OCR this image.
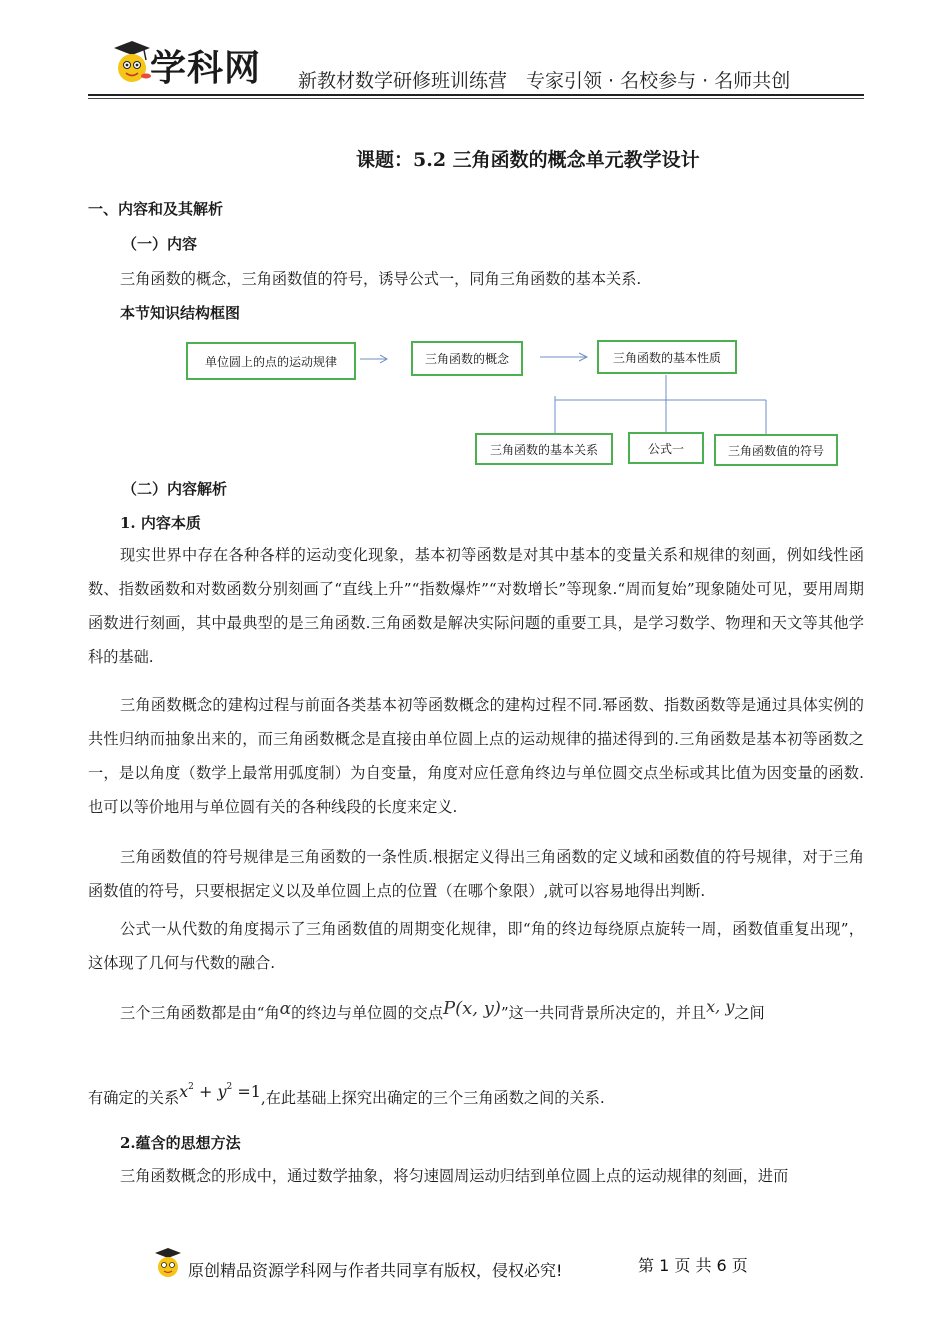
学科网 新教材数学研修班训练营　专家引领 · 名校参与 · 名师共创
课题：5.2 三角函数的概念单元教学设计
一、内容和及其解析
（一）内容
三角函数的概念，三角函数值的符号，诱导公式一，同角三角函数的基本关系.
本节知识结构框图
单位圆上的点的运动规律	三角函数的概念	三角函数的基本性质
三角函数的基本关系	公式一	三角函数值的符号
（二）内容解析
1. 内容本质
现实世界中存在各种各样的运动变化现象，基本初等函数是对其中基本的变量关系和规律的刻画，例如线性函数、指数函数和对数函数分别刻画了“直线上升”“指数爆炸”“对数增长”等现象.“周而复始”现象随处可见，要用周期函数进行刻画，其中最典型的是三角函数.三角函数是解决实际问题的重要工具，是学习数学、物理和天文等其他学科的基础.
三角函数概念的建构过程与前面各类基本初等函数概念的建构过程不同.幂函数、指数函数等是通过具体实例的共性归纳而抽象出来的，而三角函数概念是直接由单位圆上点的运动规律的描述得到的.三角函数是基本初等函数之一，是以角度（数学上最常用弧度制）为自变量，角度对应任意角终边与单位圆交点坐标或其比值为因变量的函数.也可以等价地用与单位圆有关的各种线段的长度来定义.
三角函数值的符号规律是三角函数的一条性质.根据定义得出三角函数的定义域和函数值的符号规律，对于三角函数值的符号，只要根据定义以及单位圆上点的位置（在哪个象限）,就可以容易地得出判断.
公式一从代数的角度揭示了三角函数值的周期变化规律，即“角的终边每绕原点旋转一周，函数值重复出现”，这体现了几何与代数的融合.
三个三角函数都是由“角α的终边与单位圆的交点P(x, y)”这一共同背景所决定的，并且x, y之间
有确定的关系$x^2 + y^2 =1$,在此基础上探究出确定的三个三角函数之间的关系.
2.蕴含的思想方法
三角函数概念的形成中，通过数学抽象，将匀速圆周运动归结到单位圆上点的运动规律的刻画，进而
原创精品资源学科网与作者共同享有版权，侵权必究!	第 1 页 共 6 页
